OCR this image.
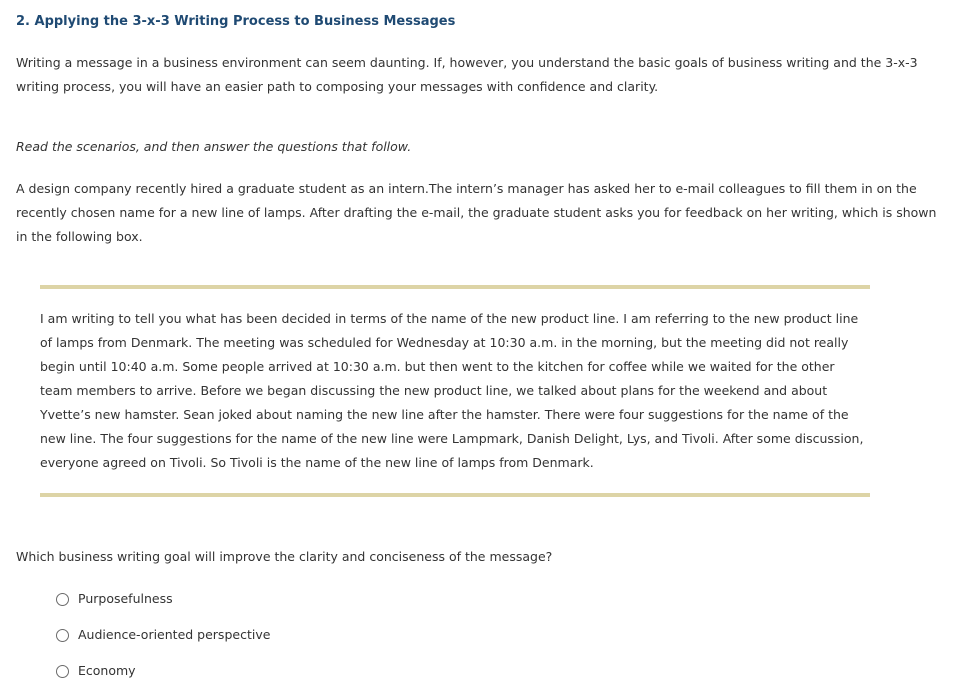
2. Applying the 3-x-3 Writing Process to Business Messages
Writing a message in a business environment can seem daunting. If, however, you understand the basic goals of business writing and the 3-x-3 writing process, you will have an easier path to composing your messages with confidence and clarity.
Read the scenarios, and then answer the questions that follow.
A design company recently hired a graduate student as an intern.The intern’s manager has asked her to e-mail colleagues to fill them in on the recently chosen name for a new line of lamps. After drafting the e-mail, the graduate student asks you for feedback on her writing, which is shown in the following box.
I am writing to tell you what has been decided in terms of the name of the new product line. I am referring to the new product line of lamps from Denmark. The meeting was scheduled for Wednesday at 10:30 a.m. in the morning, but the meeting did not really begin until 10:40 a.m. Some people arrived at 10:30 a.m. but then went to the kitchen for coffee while we waited for the other team members to arrive. Before we began discussing the new product line, we talked about plans for the weekend and about Yvette’s new hamster. Sean joked about naming the new line after the hamster. There were four suggestions for the name of the new line. The four suggestions for the name of the new line were Lampmark, Danish Delight, Lys, and Tivoli. After some discussion, everyone agreed on Tivoli. So Tivoli is the name of the new line of lamps from Denmark.
Which business writing goal will improve the clarity and conciseness of the message?
Purposefulness
Audience-oriented perspective
Economy
